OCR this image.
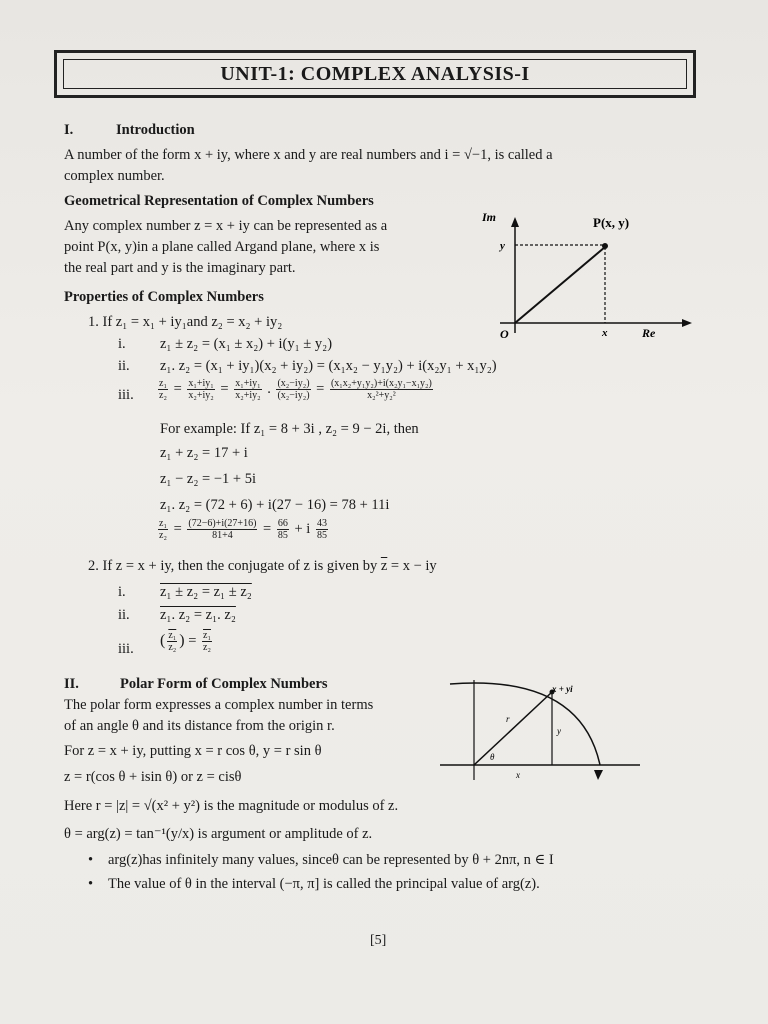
UNIT-1: COMPLEX ANALYSIS-I
I.	Introduction
A number of the form x + iy, where x and y are real numbers and i = √−1, is called a
complex number.
Geometrical Representation of Complex Numbers
Any complex number z = x + iy can be represented as a
point P(x, y)in a plane called Argand plane, where x is
the real part and y is the imaginary part.
Im	P(x, y)
y
x	Re
O
Properties of Complex Numbers
1. If z₁ = x₁ + iy₁and z₂ = x₂ + iy₂
i. z₁ ± z₂ = (x₁ ± x₂) + i(y₁ ± y₂)
ii. z₁. z₂ = (x₁ + iy₁)(x₂ + iy₂) = (x₁x₂ − y₁y₂) + i(x₂y₁ + x₁y₂)
iii. $\frac{\text{z₁}}{\text{z₂}} = \frac{\text{x₁+iy₁}}{\text{x₂+iy₂}} = \frac{\text{x₁+iy₁}}{\text{x₂+iy₂}}$ . $\frac{\text{(x₂−iy₂)}}{\text{(x₂−iy₂)}} = \frac{\text{(x₁x₂+y₁y₂)+i(x₂y₁−x₁y₂)}}{\text{x₂²+y₂²}}$
For example: If z₁ = 8 + 3i , z₂ = 9 − 2i, then
z₁ + z₂ = 17 + i
z₁ − z₂ = −1 + 5i
z₁. z₂ = (72 + 6) + i(27 − 16) = 78 + 11i
$\frac{\text{z₁}}{\text{z₂}} = \frac{(72-6)+i(27+16)}{81+4} = \frac{66}{85} + i \frac{43}{85}$
2. If z = x + iy, then the conjugate of z is given by $\overline{z} = x$ − iy
i. z₁ ± z₂ = z₁ ± z₂
ii. z₁. z₂ = z₁. z₂
iii. ( $\frac{\text{z₁}}{\text{z₂}}$ ) = $\frac{\text{z₁}}{\text{z₂}}$
II.	Polar Form of Complex Numbers
The polar form expresses a complex number in terms
of an angle θ and its distance from the origin r.
For z = x + iy, putting x = r cos θ, y = r sin θ
z = r(cos θ + isin θ) or z = cisθ
Here r = |z| = √(x² + y²) is the magnitude or modulus of z.
θ = arg(z) = tan⁻¹(y/x) is argument or amplitude of z.
x + yi
y
x
r
θ
• arg(z)has infinitely many values, sinceθ can be represented by θ + 2nπ, n ∈ I
• The value of θ in the interval (−π, π] is called the principal value of arg(z).
[5]
